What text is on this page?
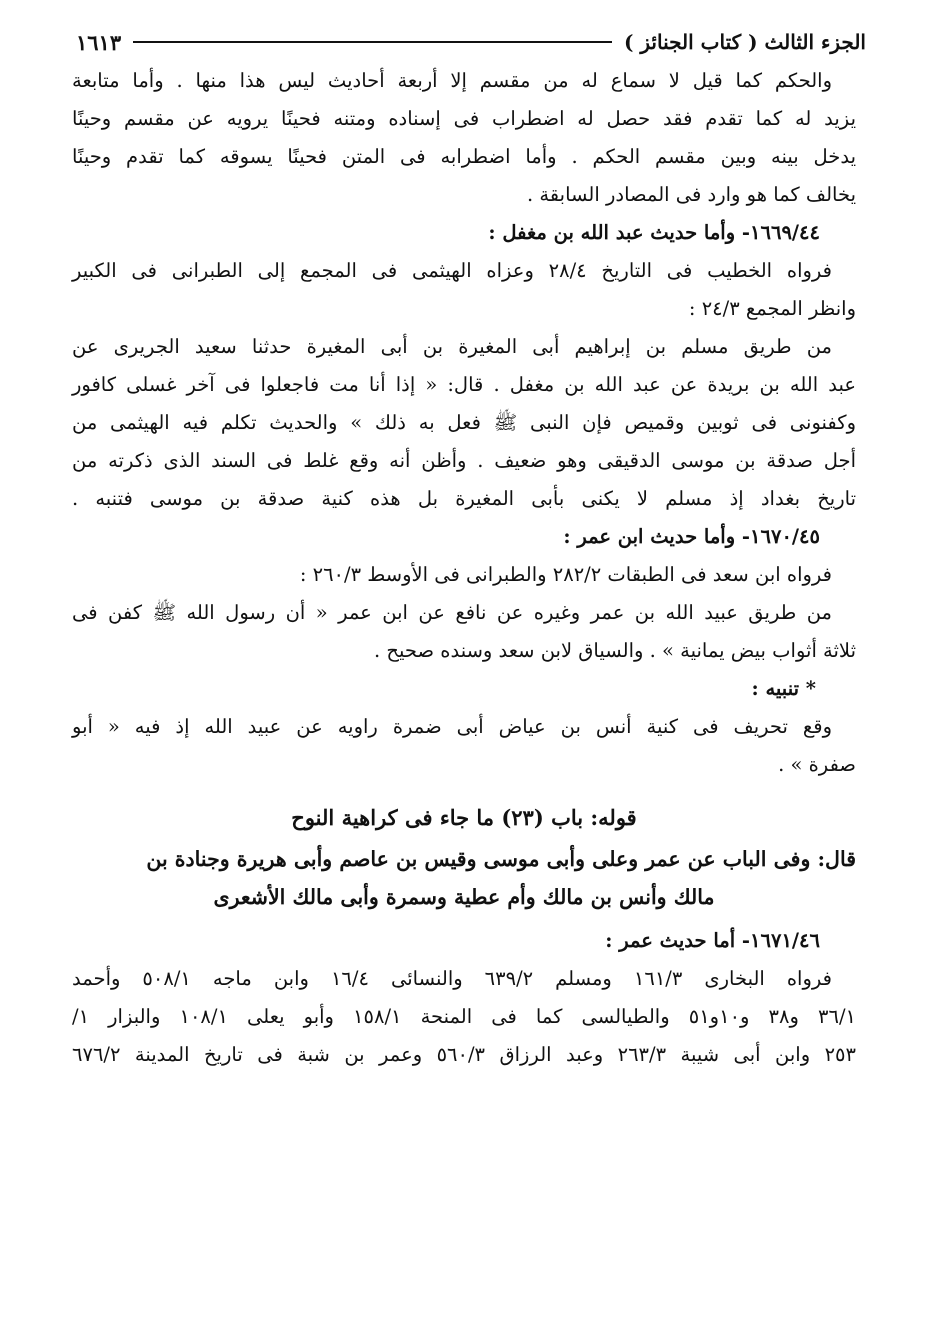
الجزء الثالث ( كتاب الجنائز )
١٦١٣
والحكم كما قيل لا سماع له من مقسم إلا أربعة أحاديث ليس هذا منها . وأما متابعة
يزيد له كما تقدم فقد حصل له اضطراب فى إسناده ومتنه فحينًا يرويه عن مقسم وحينًا
يدخل بينه وبين مقسم الحكم . وأما اضطرابه فى المتن فحينًا يسوقه كما تقدم وحينًا
يخالف كما هو وارد فى المصادر السابقة .
١٦٦٩/٤٤- وأما حديث عبد الله بن مغفل :
فرواه الخطيب فى التاريخ ٢٨/٤ وعزاه الهيثمى فى المجمع إلى الطبرانى فى الكبير
وانظر المجمع ٢٤/٣ :
من طريق مسلم بن إبراهيم أبى المغيرة بن أبى المغيرة حدثنا سعيد الجريرى عن
عبد الله بن بريدة عن عبد الله بن مغفل . قال: « إذا أنا مت فاجعلوا فى آخر غسلى كافور
وكفنونى فى ثوبين وقميص فإن النبى ﷺ فعل به ذلك » والحديث تكلم فيه الهيثمى من
أجل صدقة بن موسى الدقيقى وهو ضعيف . وأظن أنه وقع غلط فى السند الذى ذكرته من
تاريخ بغداد إذ مسلم لا يكنى بأبى المغيرة بل هذه كنية صدقة بن موسى فتنبه .
١٦٧٠/٤٥- وأما حديث ابن عمر :
فرواه ابن سعد فى الطبقات ٢٨٢/٢ والطبرانى فى الأوسط ٢٦٠/٣ :
من طريق عبيد الله بن عمر وغيره عن نافع عن ابن عمر « أن رسول الله ﷺ كفن فى
ثلاثة أثواب بيض يمانية » . والسياق لابن سعد وسنده صحيح .
* تنبيه :
وقع تحريف فى كنية أنس بن عياض أبى ضمرة راويه عن عبيد الله إذ فيه « أبو
صفرة » .
قوله: باب (٢٣) ما جاء فى كراهية النوح
قال: وفى الباب عن عمر وعلى وأبى موسى وقيس بن عاصم وأبى هريرة وجنادة بن
مالك وأنس بن مالك وأم عطية وسمرة وأبى مالك الأشعرى
١٦٧١/٤٦- أما حديث عمر :
فرواه البخارى ١٦١/٣ ومسلم ٦٣٩/٢ والنسائى ١٦/٤ وابن ماجه ٥٠٨/١ وأحمد
٣٦/١ و٣٨ و١٠و٥١ والطيالسى كما فى المنحة ١٥٨/١ وأبو يعلى ١٠٨/١ والبزار ١/
٢٥٣ وابن أبى شيبة ٢٦٣/٣ وعبد الرزاق ٥٦٠/٣ وعمر بن شبة فى تاريخ المدينة ٦٧٦/٢
